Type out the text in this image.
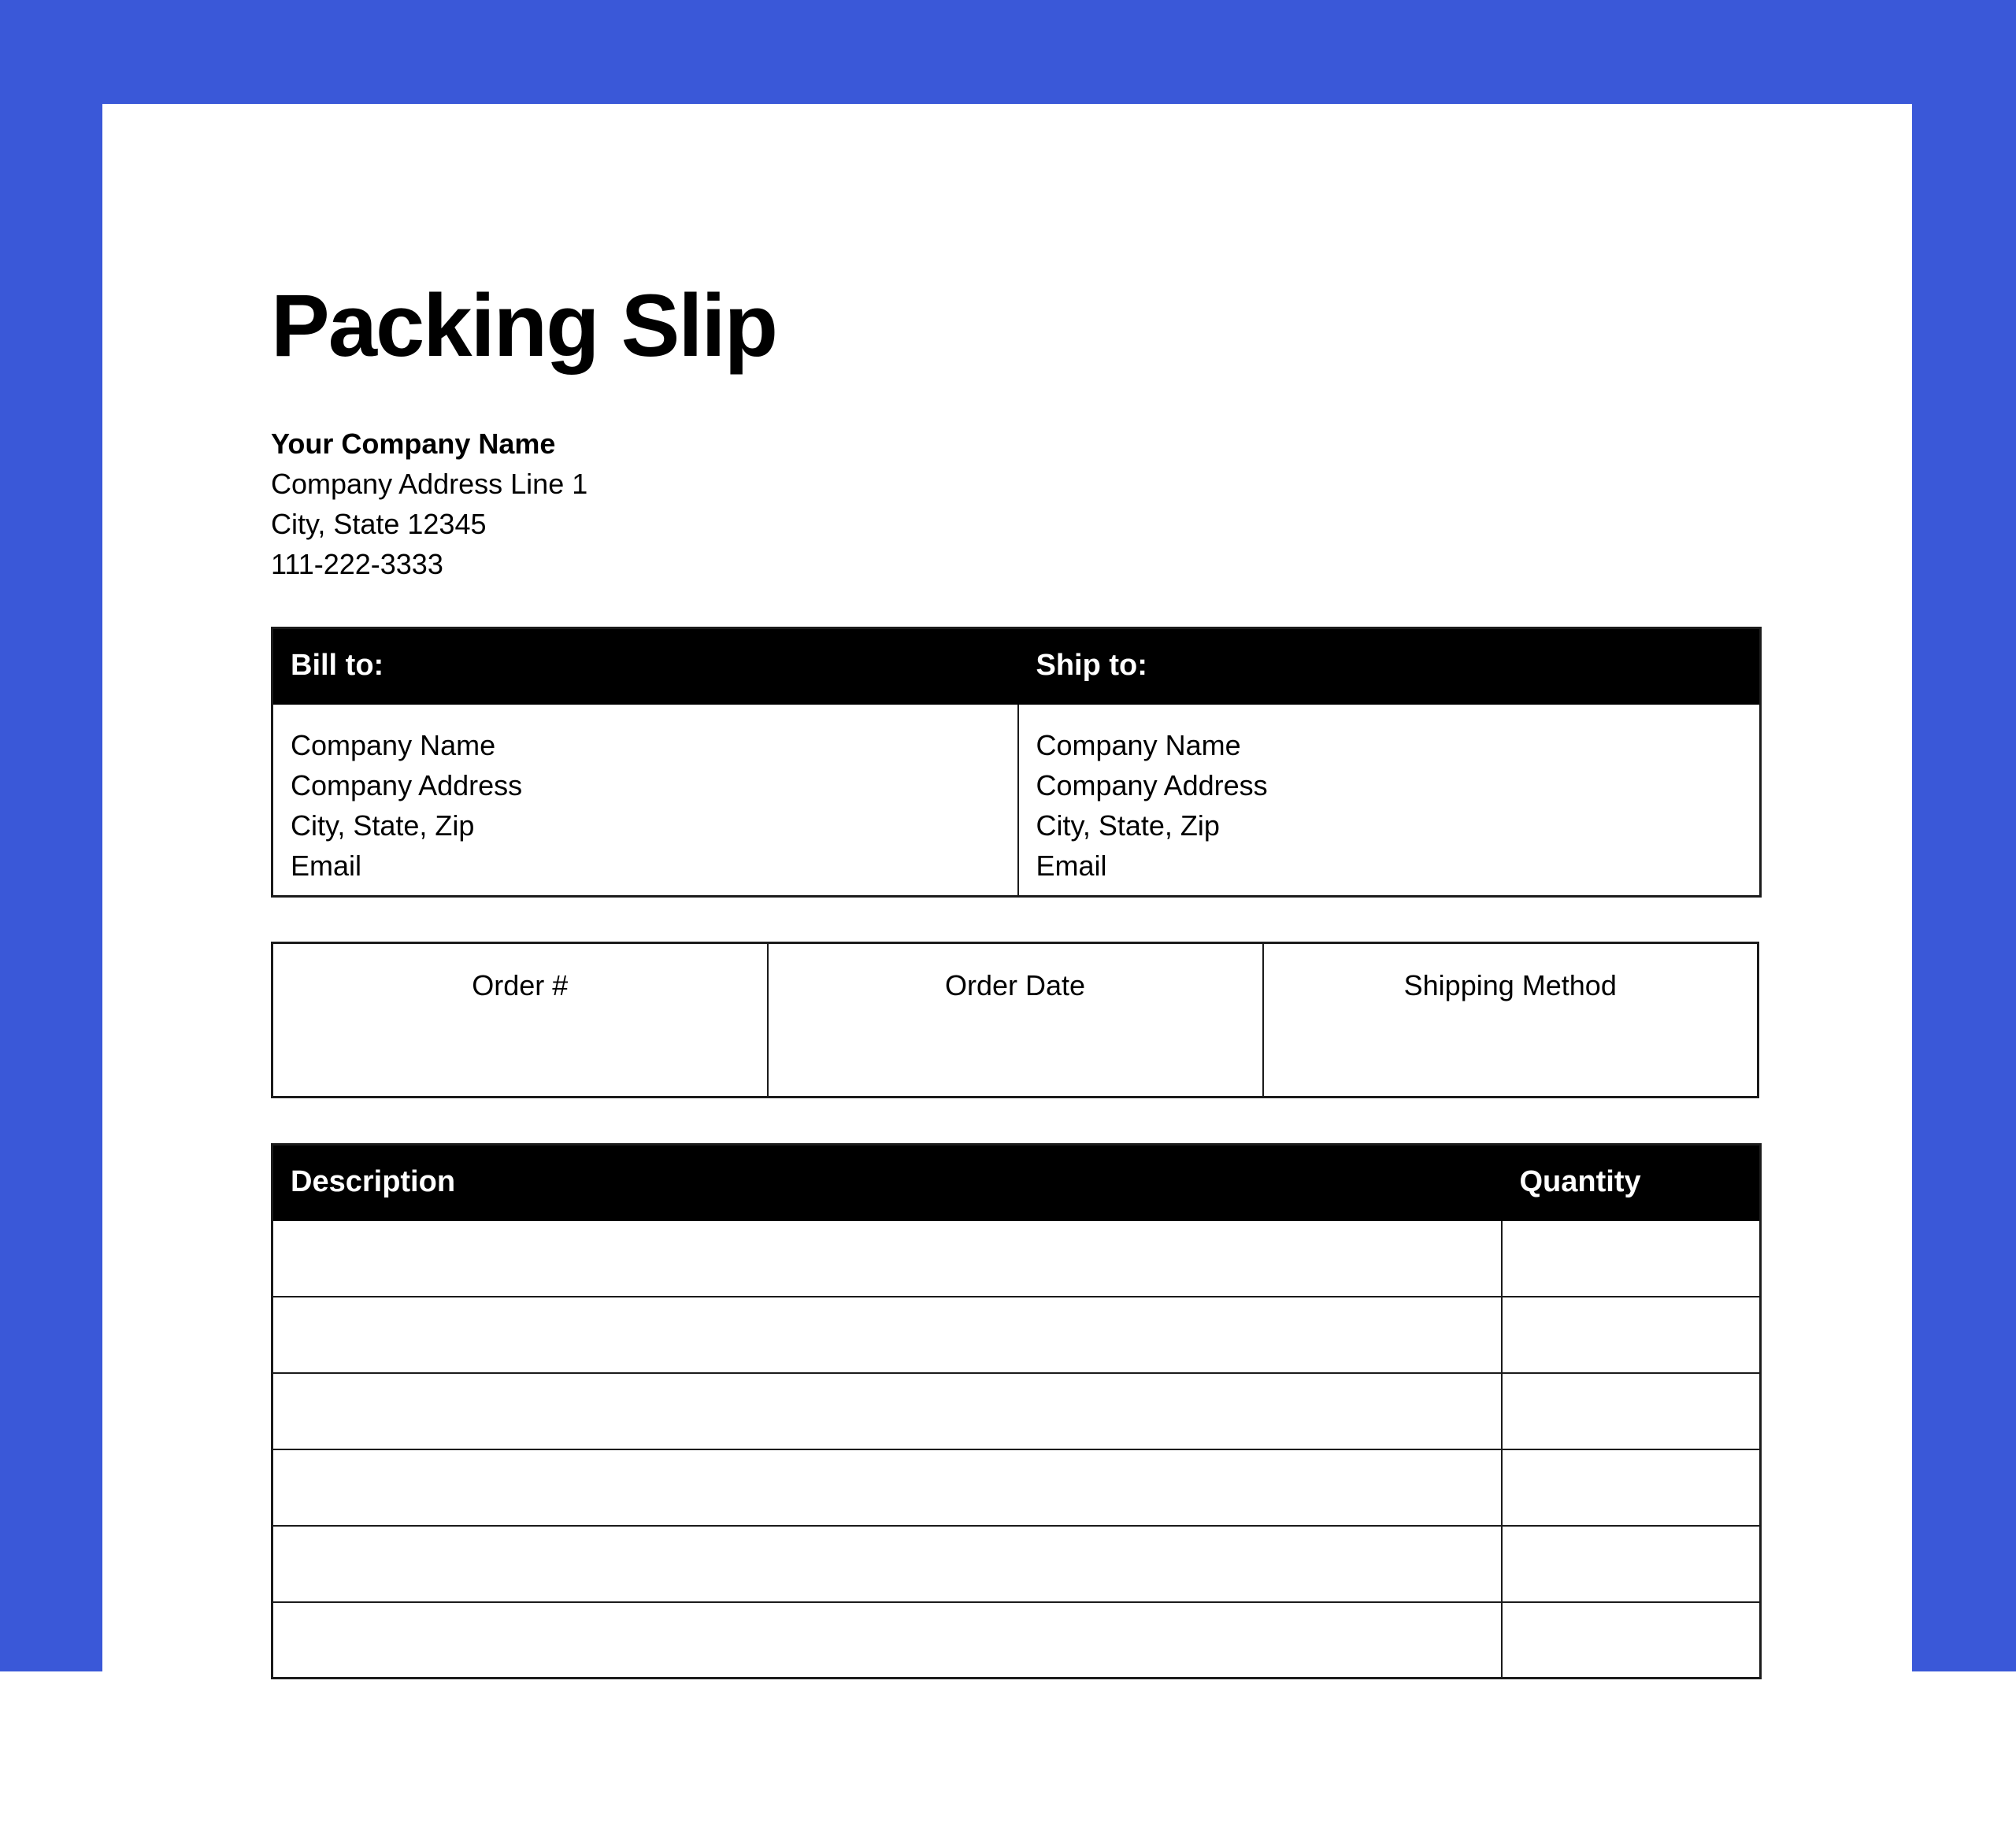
Packing Slip
Your Company Name
Company Address Line 1
City, State 12345
111-222-3333
Bill to:	Ship to:

Company Name
Company Address
City, State, Zip
Email

Company Name
Company Address
City, State, Zip
Email
Order #	Order Date	Shipping Method
Description	Quantity
